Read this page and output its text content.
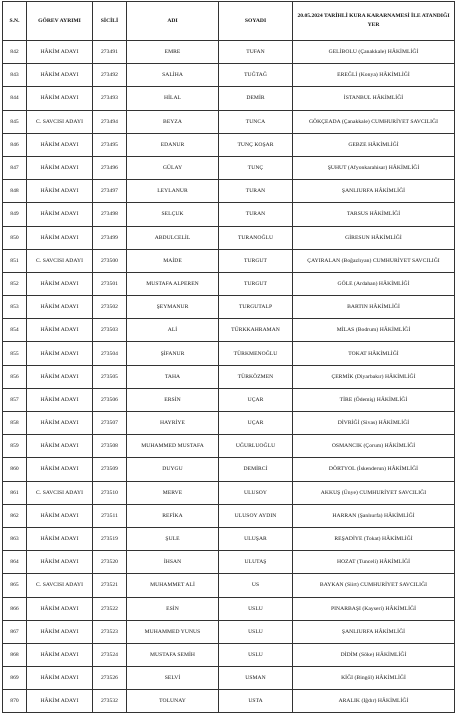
S.N.	GÖREV AYRIMI	SİCİLİ	ADI	SOYADI	20.05.2024 TARİHLİ KURA KARARNAMESİ İLE ATANDIĞI YER
842	HÂKİM ADAYI	273491	EMRE	TUFAN	GELİBOLU (Çanakkale) HÂKİMLİĞİ
843	HÂKİM ADAYI	273492	SALİHA	TUĞTAĞ	EREĞLİ (Konya) HÂKİMLİĞİ
844	HÂKİM ADAYI	273493	HİLAL	DEMİR	İSTANBUL HÂKİMLİĞİ
845	C. SAVCISI ADAYI	273494	BEYZA	TUNCA	GÖKÇEADA (Çanakkale) CUMHURİYET SAVCILIĞI
846	HÂKİM ADAYI	273495	EDANUR	TUNÇ KOŞAR	GEBZE HÂKİMLİĞİ
847	HÂKİM ADAYI	273496	GÜLAY	TUNÇ	ŞUHUT (Afyonkarahisar) HÂKİMLİĞİ
848	HÂKİM ADAYI	273497	LEYLANUR	TURAN	ŞANLIURFA HÂKİMLİĞİ
849	HÂKİM ADAYI	273498	SELÇUK	TURAN	TARSUS HÂKİMLİĞİ
850	HÂKİM ADAYI	273499	ABDULCELİL	TURANOĞLU	GİRESUN HÂKİMLİĞİ
851	C. SAVCISI ADAYI	273500	MAİDE	TURGUT	ÇAYIRALAN (Boğazlıyan) CUMHURİYET SAVCILIĞI
852	HÂKİM ADAYI	273501	MUSTAFA ALPEREN	TURGUT	GÖLE (Ardahan) HÂKİMLİĞİ
853	HÂKİM ADAYI	273502	ŞEYMANUR	TURGUTALP	BARTIN HÂKİMLİĞİ
854	HÂKİM ADAYI	273503	ALİ	TÜRKKAHRAMAN	MİLAS (Bodrum) HÂKİMLİĞİ
855	HÂKİM ADAYI	273504	ŞİFANUR	TÜRKMENOĞLU	TOKAT HÂKİMLİĞİ
856	HÂKİM ADAYI	273505	TAHA	TÜRKÖZMEN	ÇERMİK (Diyarbakır) HÂKİMLİĞİ
857	HÂKİM ADAYI	273506	ERSİN	UÇAR	TİRE (Ödemiş) HÂKİMLİĞİ
858	HÂKİM ADAYI	273507	HAYRİYE	UÇAR	DİVRİĞİ (Sivas) HÂKİMLİĞİ
859	HÂKİM ADAYI	273508	MUHAMMED MUSTAFA	UĞURLUOĞLU	OSMANCIK (Çorum) HÂKİMLİĞİ
860	HÂKİM ADAYI	273509	DUYGU	DEMİRCİ	DÖRTYOL (İskenderun) HÂKİMLİĞİ
861	C. SAVCISI ADAYI	273510	MERVE	ULUSOY	AKKUŞ (Ünye) CUMHURİYET SAVCILIĞI
862	HÂKİM ADAYI	273511	REFİKA	ULUSOY AYDIN	HARRAN (Şanlıurfa) HÂKİMLİĞİ
863	HÂKİM ADAYI	273519	ŞULE	ULUŞAR	REŞADİYE (Tokat) HÂKİMLİĞİ
864	HÂKİM ADAYI	273520	İHSAN	ULUTAŞ	HOZAT (Tunceli) HÂKİMLİĞİ
865	C. SAVCISI ADAYI	273521	MUHAMMET ALİ	US	BAYKAN (Siirt) CUMHURİYET SAVCILIĞI
866	HÂKİM ADAYI	273522	ESİN	USLU	PINARBAŞI (Kayseri) HÂKİMLİĞİ
867	HÂKİM ADAYI	273523	MUHAMMED YUNUS	USLU	ŞANLIURFA HÂKİMLİĞİ
868	HÂKİM ADAYI	273524	MUSTAFA SEMİH	USLU	DİDİM (Söke) HÂKİMLİĞİ
869	HÂKİM ADAYI	273526	SELVİ	USMAN	KİĞI (Bingöl) HÂKİMLİĞİ
870	HÂKİM ADAYI	273532	TOLUNAY	USTA	ARALIK (Iğdır) HÂKİMLİĞİ
